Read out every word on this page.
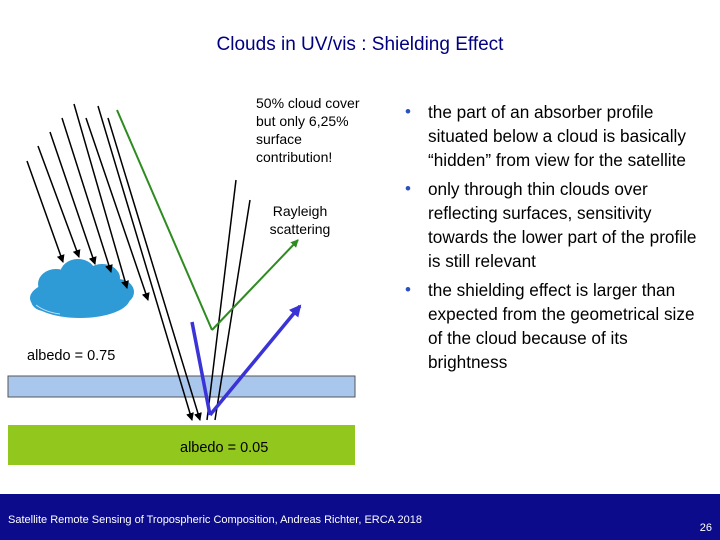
Clouds in UV/vis : Shielding Effect
50% cloud cover but only 6,25% surface contribution!
Rayleigh scattering
albedo = 0.75
albedo = 0.05
• the part of an absorber profile situated below a cloud is basically “hidden” from view for the satellite
• only through thin clouds over reflecting surfaces, sensitivity towards the lower part of the profile is still relevant
• the shielding effect is larger than expected from the geometrical size of the cloud because of its brightness
Satellite Remote Sensing of Tropospheric Composition, Andreas Richter, ERCA 2018
26
